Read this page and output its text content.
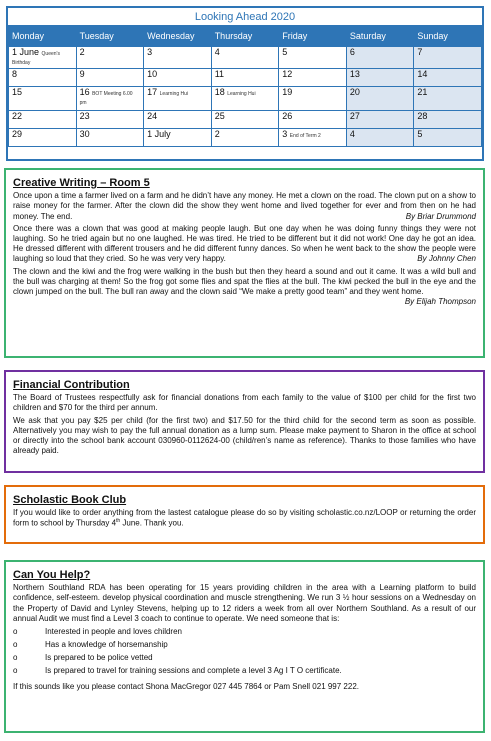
Looking Ahead 2020
Monday	Tuesday	Wednesday	Thursday	Friday	Saturday	Sunday
1 June Queen's Birthday	2	3	4	5	6	7
8	9	10	11	12	13	14
15	16 BOT Meeting 6.00 pm	17 Learning Hui	18 Learning Hui	19	20	21
22	23	24	25	26	27	28
29	30	1 July	2	3 End of Term 2	4	5
Creative Writing – Room 5

Once upon a time a farmer lived on a farm and he didn’t have any money. He met a clown on the road. The clown put on a show to raise money for the farmer. After the clown did the show they went home and lived together for ever and from then on he had money. The end.	By Briar Drummond

Once there was a clown that was good at making people laugh. But one day when he was doing funny things they were not laughing. So he tried again but no one laughed. He was tired. He tried to be different but it did not work! One day he got an idea. He dressed different with different trousers and he did different funny dances. So when he went back to the show the people were laughing so loud that they cried. So he was very very happy.	By Johnny Chen

The clown and the kiwi and the frog were walking in the bush but then they heard a sound and out it came. It was a wild bull and the bull was charging at them! So the frog got some flies and spat the flies at the bull. The kiwi pecked the bull in the eye and the clown jumped on the bull. The bull ran away and the clown said “We make a pretty good team” and they went home.
By Elijah Thompson

Financial Contribution

The Board of Trustees respectfully ask for financial donations from each family to the value of $100 per child for the first two children and $70 for the third per annum.

We ask that you pay $25 per child (for the first two) and $17.50 for the third child for the second term as soon as possible. Alternatively you may wish to pay the full annual donation as a lump sum. Please make payment to Sharon in the office at school or directly into the school bank account 030960-0112624-00 (child/ren’s name as reference). Thanks to those families who have already paid.

Scholastic Book Club

If you would like to order anything from the lastest catalogue please do so by visiting scholastic.co.nz/LOOP or returning the order form to school by Thursday 4th June. Thank you.

Can You Help?

Northern Southland RDA has been operating for 15 years providing children in the area with a Learning platform to build confidence, self-esteem. develop physical coordination and muscle strengthening. We run 3 ½ hour sessions on a Wednesday on the Property of David and Lynley Stevens, helping up to 12 riders a week from all over Northern Southland. As a result of our annual Audit we must find a Level 3 coach to continue to operate. We need someone that is:

o	Interested in people and loves children
o	Has a knowledge of horsemanship
o	Is prepared to be police vetted
o	Is prepared to travel for training sessions and complete a level 3 Ag I T O certificate.

If this sounds like you please contact Shona MacGregor 027 445 7864 or Pam Snell 021 997 222.
